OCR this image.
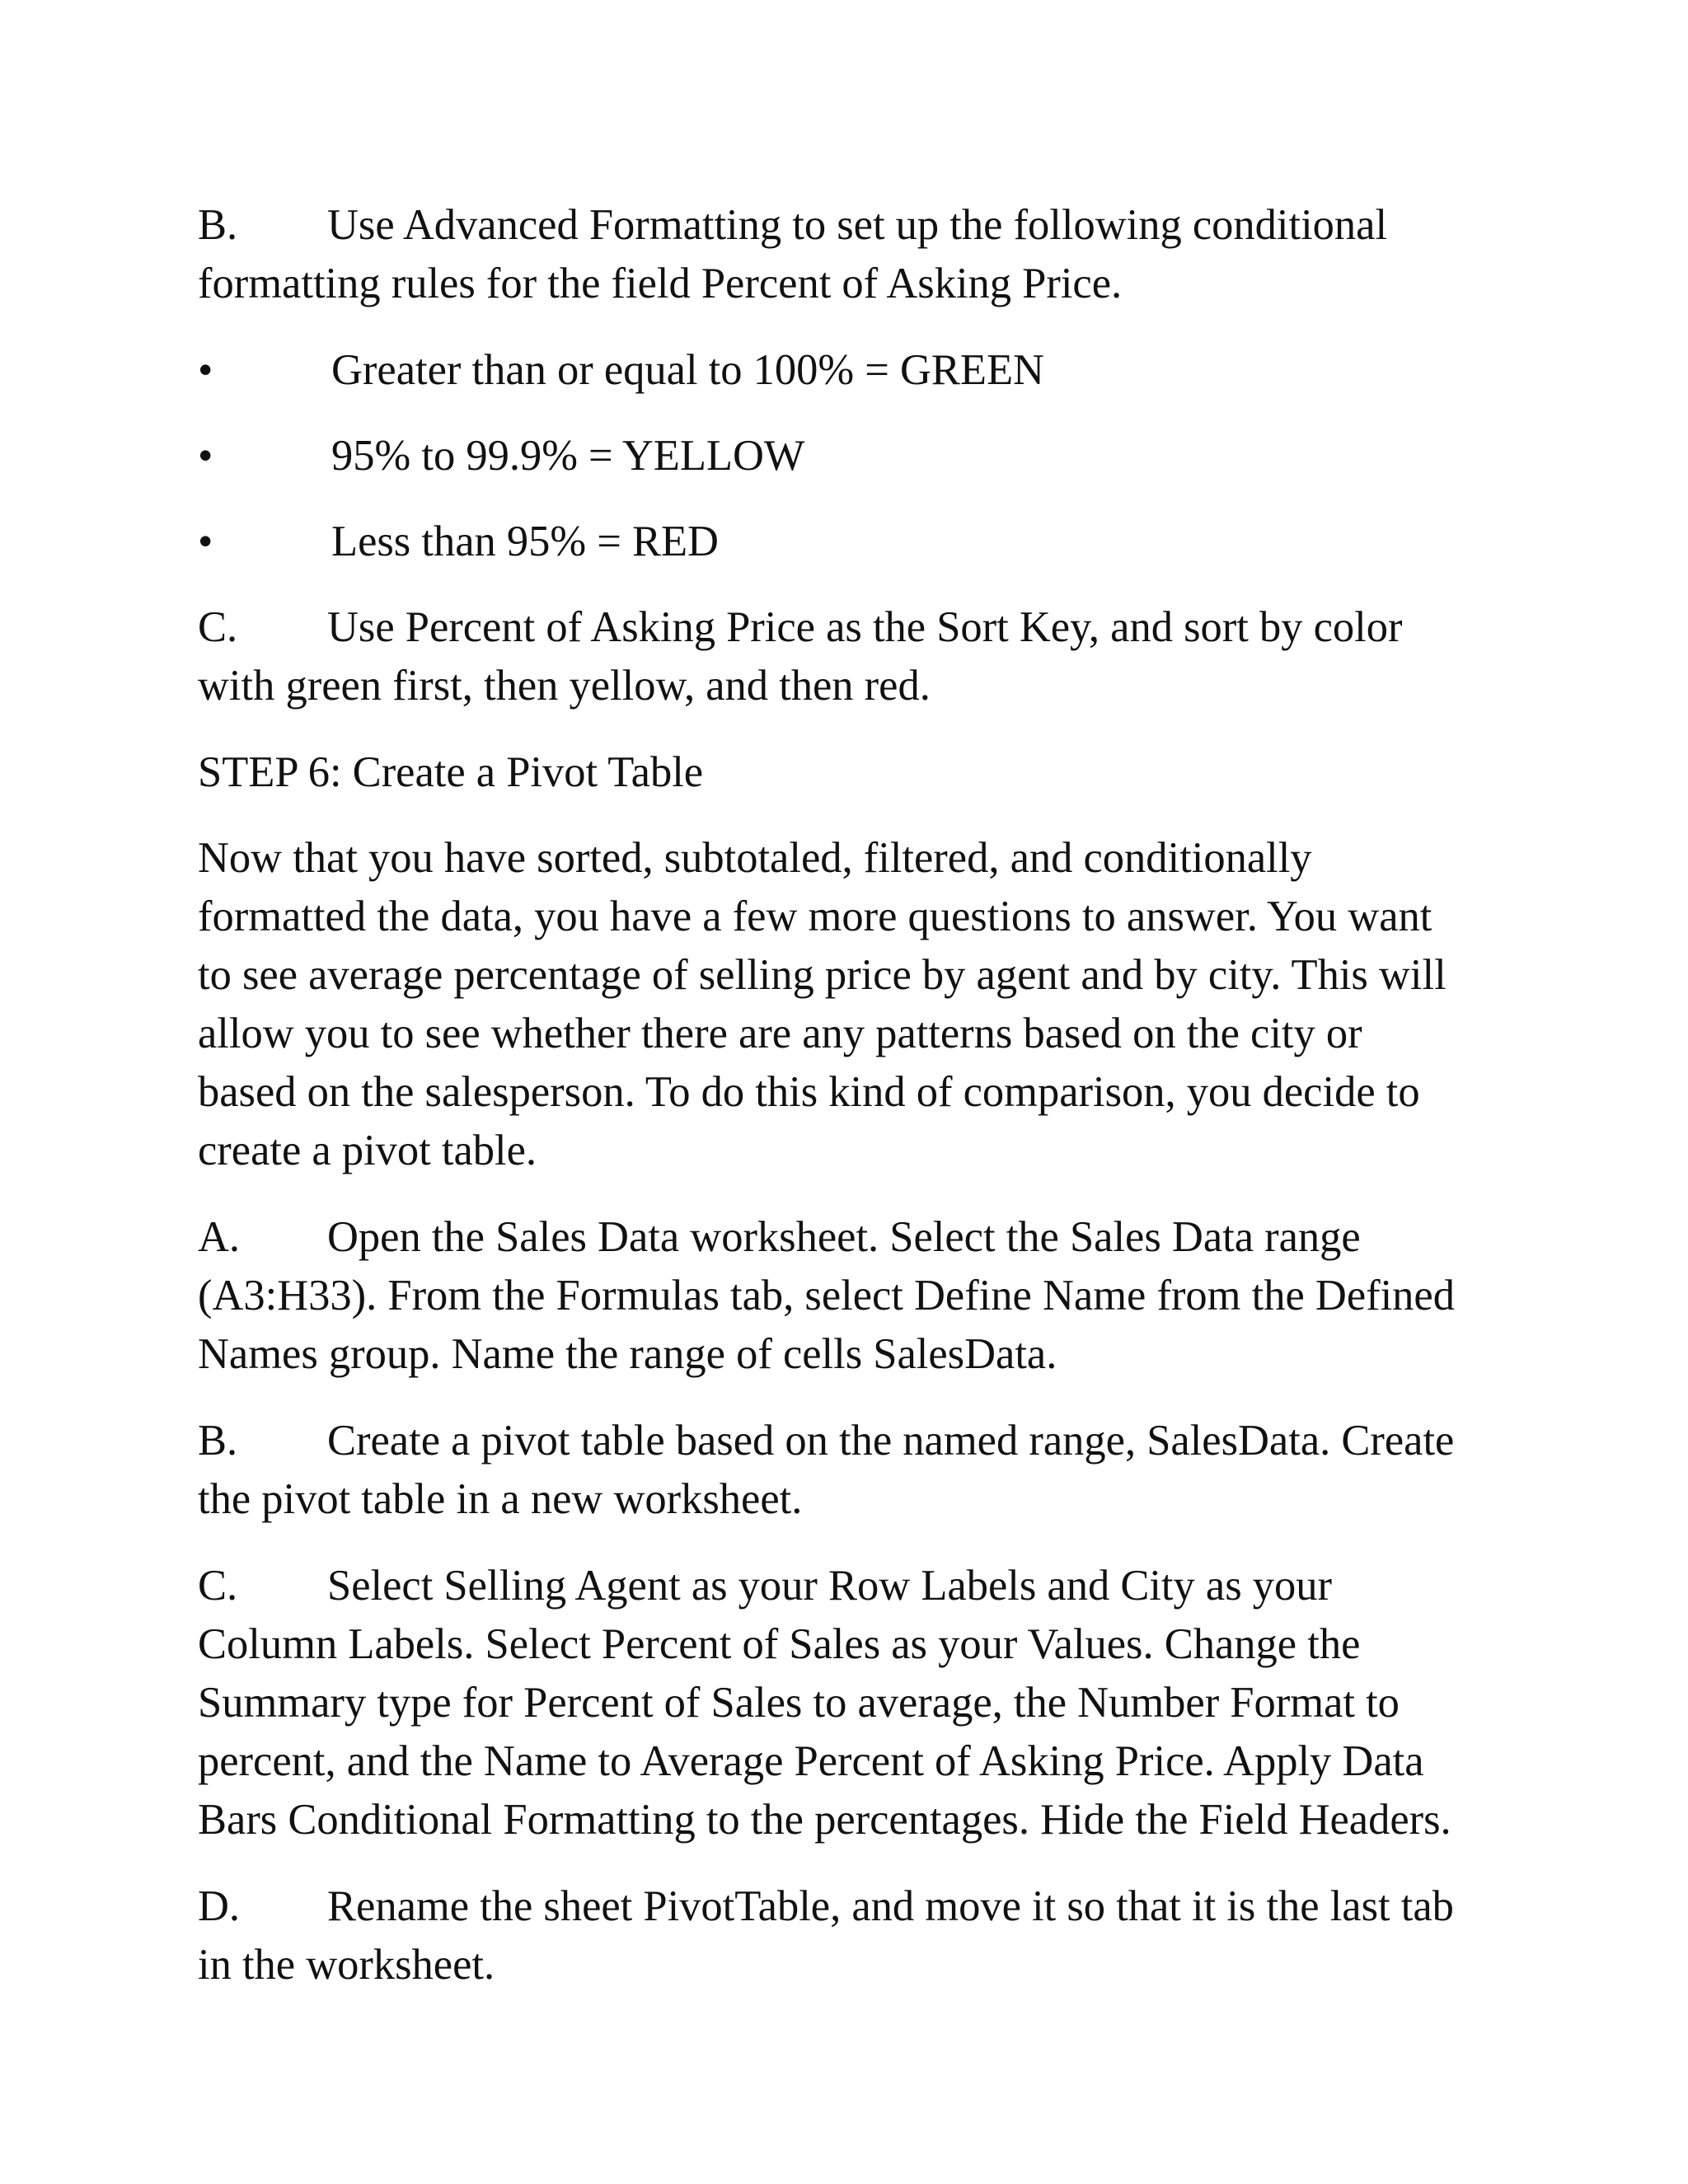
B. Use Advanced Formatting to set up the following conditional
formatting rules for the field Percent of Asking Price.

•	Greater than or equal to 100% = GREEN
•	95% to 99.9% = YELLOW
•	Less than 95% = RED

C. Use Percent of Asking Price as the Sort Key, and sort by color
with green first, then yellow, and then red.

STEP 6: Create a Pivot Table

Now that you have sorted, subtotaled, filtered, and conditionally
formatted the data, you have a few more questions to answer. You want
to see average percentage of selling price by agent and by city. This will
allow you to see whether there are any patterns based on the city or
based on the salesperson. To do this kind of comparison, you decide to
create a pivot table.

A. Open the Sales Data worksheet. Select the Sales Data range
(A3:H33). From the Formulas tab, select Define Name from the Defined
Names group. Name the range of cells SalesData.

B. Create a pivot table based on the named range, SalesData. Create
the pivot table in a new worksheet.

C. Select Selling Agent as your Row Labels and City as your
Column Labels. Select Percent of Sales as your Values. Change the
Summary type for Percent of Sales to average, the Number Format to
percent, and the Name to Average Percent of Asking Price. Apply Data
Bars Conditional Formatting to the percentages. Hide the Field Headers.

D. Rename the sheet PivotTable, and move it so that it is the last tab
in the worksheet.
